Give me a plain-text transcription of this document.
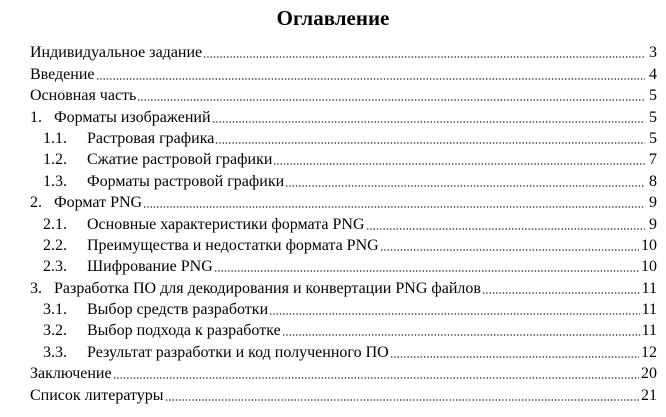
Оглавление
Индивидуальное задание	3
Введение	4
Основная часть	5
1. Форматы изображений	5
1.1.	Растровая графика	5
1.2.	Сжатие растровой графики	7
1.3.	Форматы растровой графики	8
2. Формат PNG	9
2.1.	Основные характеристики формата PNG	9
2.2.	Преимущества и недостатки формата PNG	10
2.3.	Шифрование PNG	10
3. Разработка ПО для декодирования и конвертации PNG файлов	11
3.1.	Выбор средств разработки	11
3.2.	Выбор подхода к разработке	11
3.3.	Результат разработки и код полученного ПО	12
Заключение	20
Список литературы	21
